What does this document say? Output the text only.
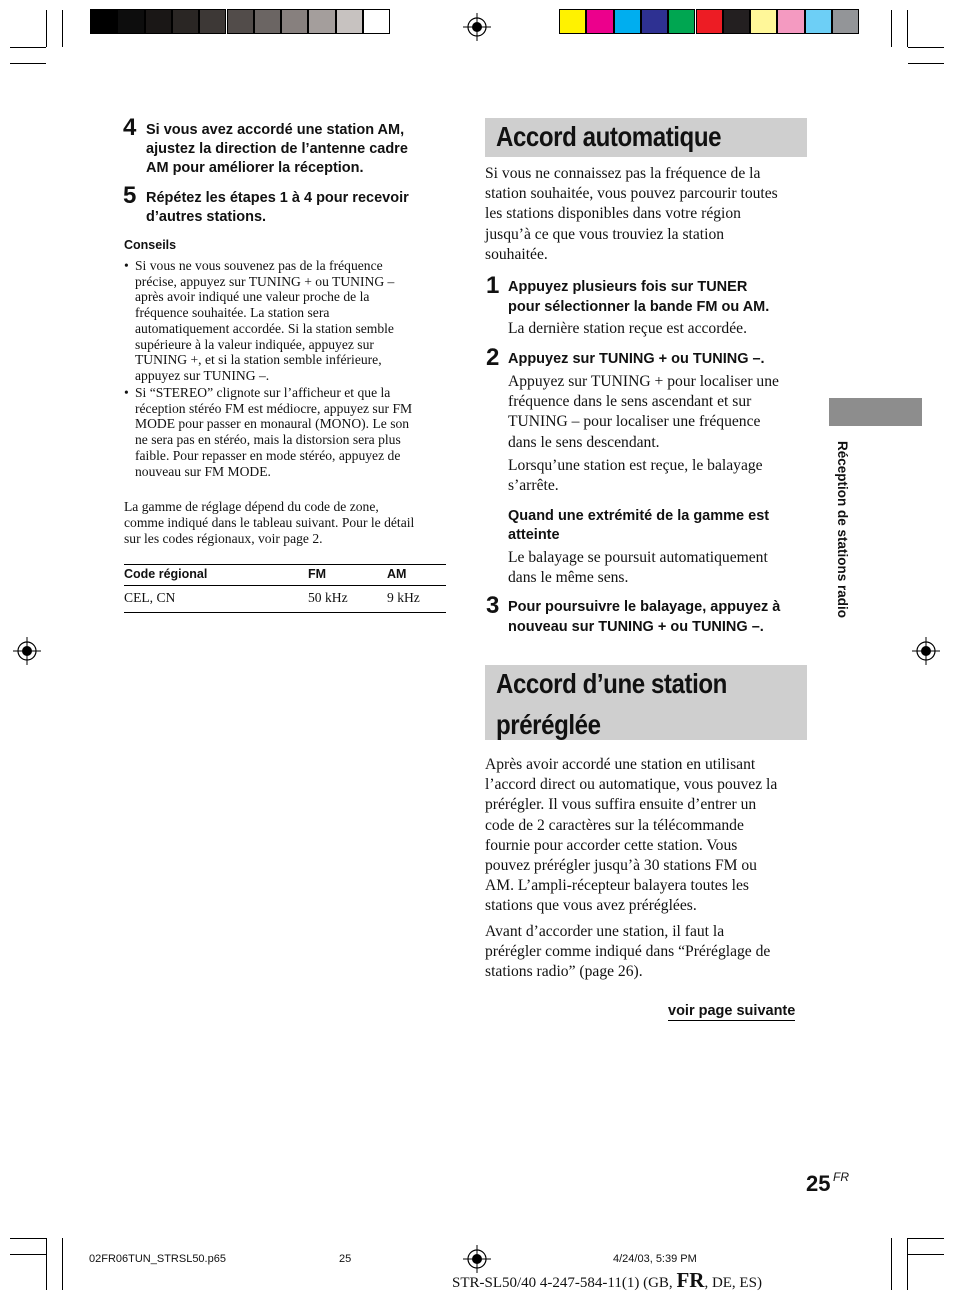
4 Si vous avez accordé une station AM,
ajustez la direction de l’antenne cadre
AM pour améliorer la réception.
5 Répétez les étapes 1 à 4 pour recevoir
d’autres stations.
Conseils
• Si vous ne vous souvenez pas de la fréquence
précise, appuyez sur TUNING + ou TUNING –
après avoir indiqué une valeur proche de la
fréquence souhaitée. La station sera
automatiquement accordée. Si la station semble
supérieure à la valeur indiquée, appuyez sur
TUNING +, et si la station semble inférieure,
appuyez sur TUNING –.
• Si “STEREO” clignote sur l’afficheur et que la
réception stéréo FM est médiocre, appuyez sur FM
MODE pour passer en monaural (MONO). Le son
ne sera pas en stéréo, mais la distorsion sera plus
faible. Pour repasser en mode stéréo, appuyez de
nouveau sur FM MODE.
La gamme de réglage dépend du code de zone,
comme indiqué dans le tableau suivant. Pour le détail
sur les codes régionaux, voir page 2.
Code régional	FM	AM
CEL, CN	50 kHz	9 kHz
Accord automatique
Si vous ne connaissez pas la fréquence de la
station souhaitée, vous pouvez parcourir toutes
les stations disponibles dans votre région
jusqu’à ce que vous trouviez la station
souhaitée.
1 Appuyez plusieurs fois sur TUNER
pour sélectionner la bande FM ou AM.
La dernière station reçue est accordée.
2 Appuyez sur TUNING + ou TUNING –.
Appuyez sur TUNING + pour localiser une
fréquence dans le sens ascendant et sur
TUNING – pour localiser une fréquence
dans le sens descendant.
Lorsqu’une station est reçue, le balayage
s’arrête.
Quand une extrémité de la gamme est
atteinte
Le balayage se poursuit automatiquement
dans le même sens.
3 Pour poursuivre le balayage, appuyez à
nouveau sur TUNING + ou TUNING –.
Accord d’une station
préréglée
Après avoir accordé une station en utilisant
l’accord direct ou automatique, vous pouvez la
prérégler. Il vous suffira ensuite d’entrer un
code de 2 caractères sur la télécommande
fournie pour accorder cette station. Vous
pouvez prérégler jusqu’à 30 stations FM ou
AM. L’ampli-récepteur balayera toutes les
stations que vous avez préréglées.
Avant d’accorder une station, il faut la
prérégler comme indiqué dans “Préréglage de
stations radio” (page 26).
voir page suivante
Réception de stations radio
25 FR
02FR06TUN_STRSL50.p65	25	4/24/03, 5:39 PM
STR-SL50/40 4-247-584-11(1) (GB, FR, DE, ES)
